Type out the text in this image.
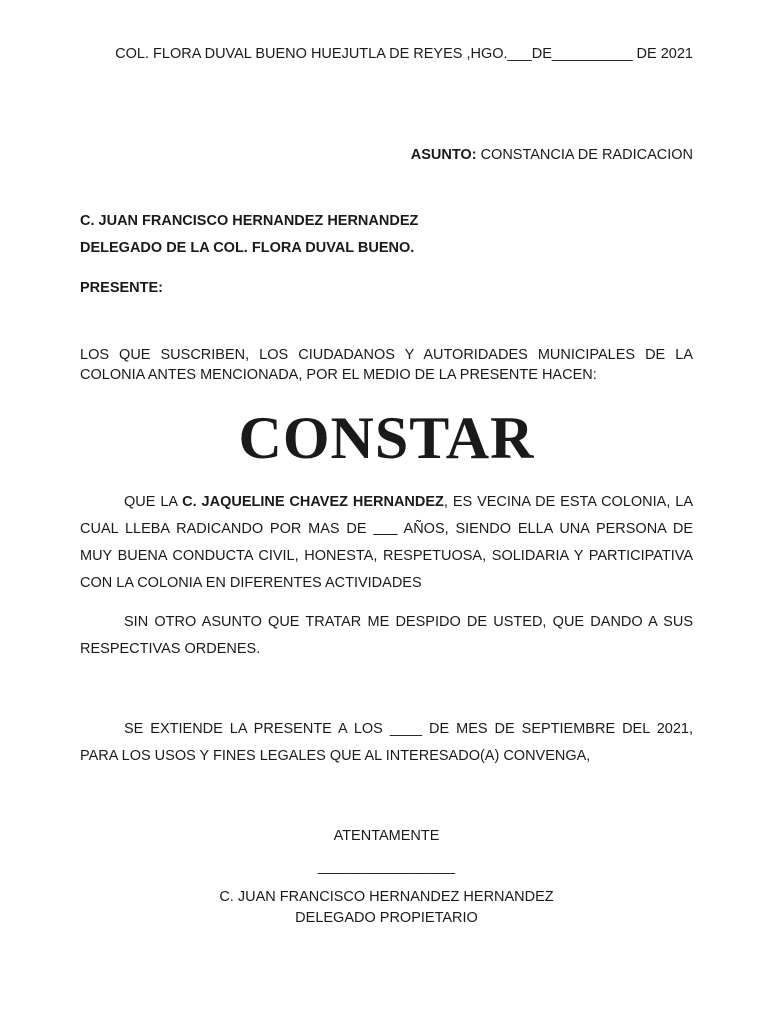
COL. FLORA DUVAL BUENO HUEJUTLA DE REYES ,HGO.___DE__________ DE 2021
ASUNTO: CONSTANCIA DE RADICACION
C. JUAN FRANCISCO HERNANDEZ HERNANDEZ
DELEGADO DE LA COL. FLORA DUVAL BUENO.
PRESENTE:
LOS QUE SUSCRIBEN, LOS CIUDADANOS Y AUTORIDADES MUNICIPALES DE LA COLONIA ANTES MENCIONADA, POR EL MEDIO DE LA PRESENTE HACEN:
CONSTAR
QUE LA C. JAQUELINE CHAVEZ HERNANDEZ, ES VECINA DE ESTA COLONIA, LA CUAL LLEBA RADICANDO POR MAS DE ___ AÑOS, SIENDO ELLA UNA PERSONA DE MUY BUENA CONDUCTA CIVIL, HONESTA, RESPETUOSA, SOLIDARIA Y PARTICIPATIVA CON LA COLONIA EN DIFERENTES ACTIVIDADES
SIN OTRO ASUNTO QUE TRATAR ME DESPIDO DE USTED, QUE DANDO A SUS RESPECTIVAS ORDENES.
SE EXTIENDE LA PRESENTE A LOS ____ DE MES DE SEPTIEMBRE DEL 2021, PARA LOS USOS Y FINES LEGALES QUE AL INTERESADO(A) CONVENGA,
ATENTAMENTE
_________________
C. JUAN FRANCISCO HERNANDEZ HERNANDEZ
DELEGADO PROPIETARIO
